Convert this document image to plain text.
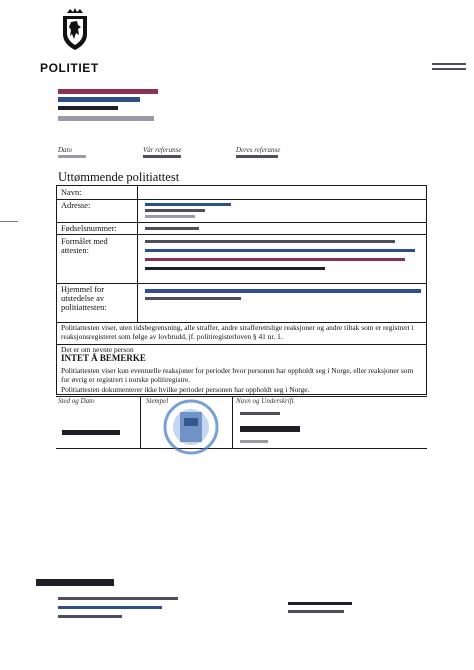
POLITIET
Dato	Vår referanse	Deres referanse
Uttømmende politiattest
Navn:
Adresse:
Fødselsnummer:
Formålet med attesten:
Hjemmel for utstedelse av politiattesten:
Politiattesten viser, uten tidsbegrensning, alle straffer, andre strafferettslige reaksjoner og andre tiltak som er registrert i reaksjonsregisteret som følge av lovbrudd, jf. politiregisterloven § 41 nr. 1.
Det er om nevnte person
INTET Å BEMERKE
Politiattesten viser kun eventuelle reaksjoner for perioder hvor personen har oppholdt seg i Norge, eller reaksjoner som for øvrig er registrert i norske politiregistre.
Politiattesten dokumenterer ikke hvilke perioder personen har oppholdt seg i Norge.
Sted og Dato	Stempel	Navn og Underskrift
